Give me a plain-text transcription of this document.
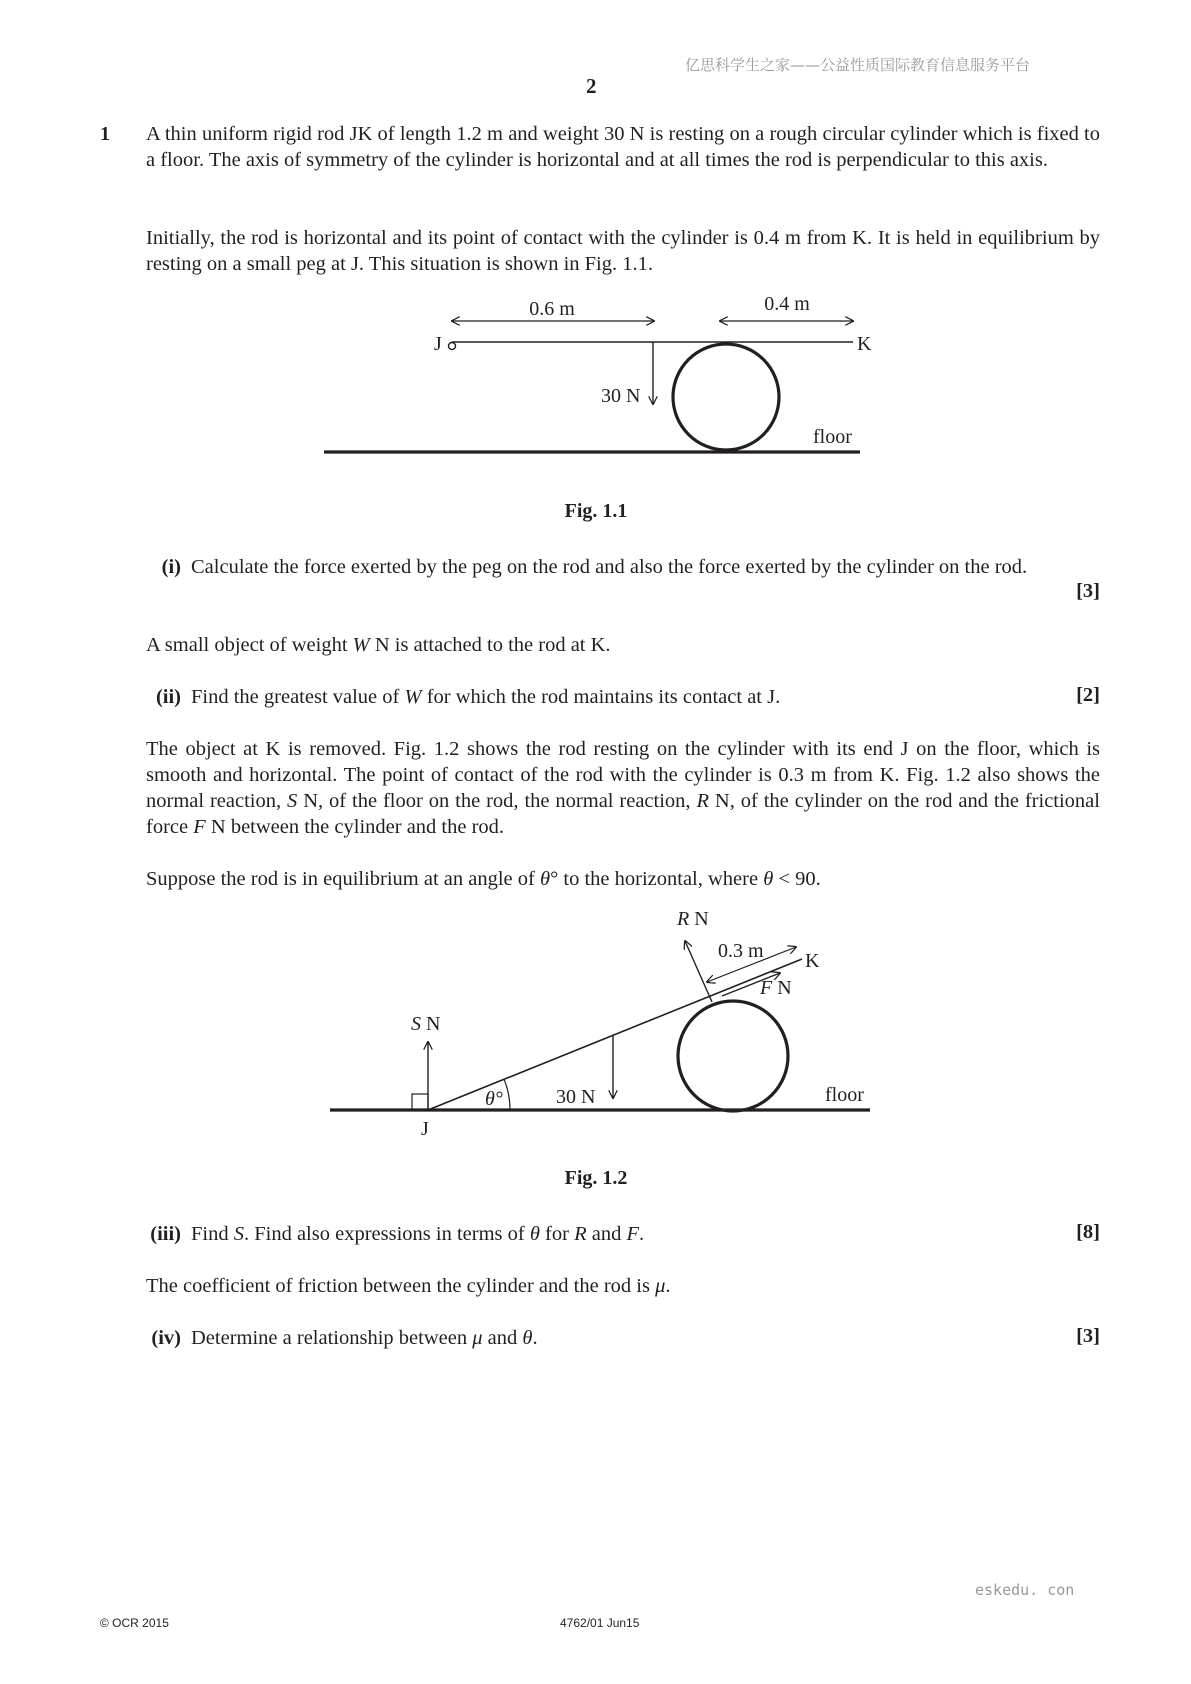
亿思科学生之家——公益性质国际教育信息服务平台
2
1 A thin uniform rigid rod JK of length 1.2 m and weight 30 N is resting on a rough circular cylinder which is fixed to a floor. The axis of symmetry of the cylinder is horizontal and at all times the rod is perpendicular to this axis.
Initially, the rod is horizontal and its point of contact with the cylinder is 0.4 m from K. It is held in equilibrium by resting on a small peg at J. This situation is shown in Fig. 1.1.
0.6 m	0.4 m
J	K
30 N
floor
Fig. 1.1
(i) Calculate the force exerted by the peg on the rod and also the force exerted by the cylinder on the rod.
[3]
A small object of weight W N is attached to the rod at K.
(ii) Find the greatest value of W for which the rod maintains its contact at J.	[2]
The object at K is removed. Fig. 1.2 shows the rod resting on the cylinder with its end J on the floor, which is smooth and horizontal. The point of contact of the rod with the cylinder is 0.3 m from K. Fig. 1.2 also shows the normal reaction, S N, of the floor on the rod, the normal reaction, R N, of the cylinder on the rod and the frictional force F N between the cylinder and the rod.
Suppose the rod is in equilibrium at an angle of θ° to the horizontal, where θ < 90.
floor
S N
θ°	30 N
R N
0.3 m K
F N
J
Fig. 1.2
(iii) Find S. Find also expressions in terms of θ for R and F.	[8]
The coefficient of friction between the cylinder and the rod is μ.
(iv) Determine a relationship between μ and θ.	[3]
eskedu. con
© OCR 2015	4762/01 Jun15
